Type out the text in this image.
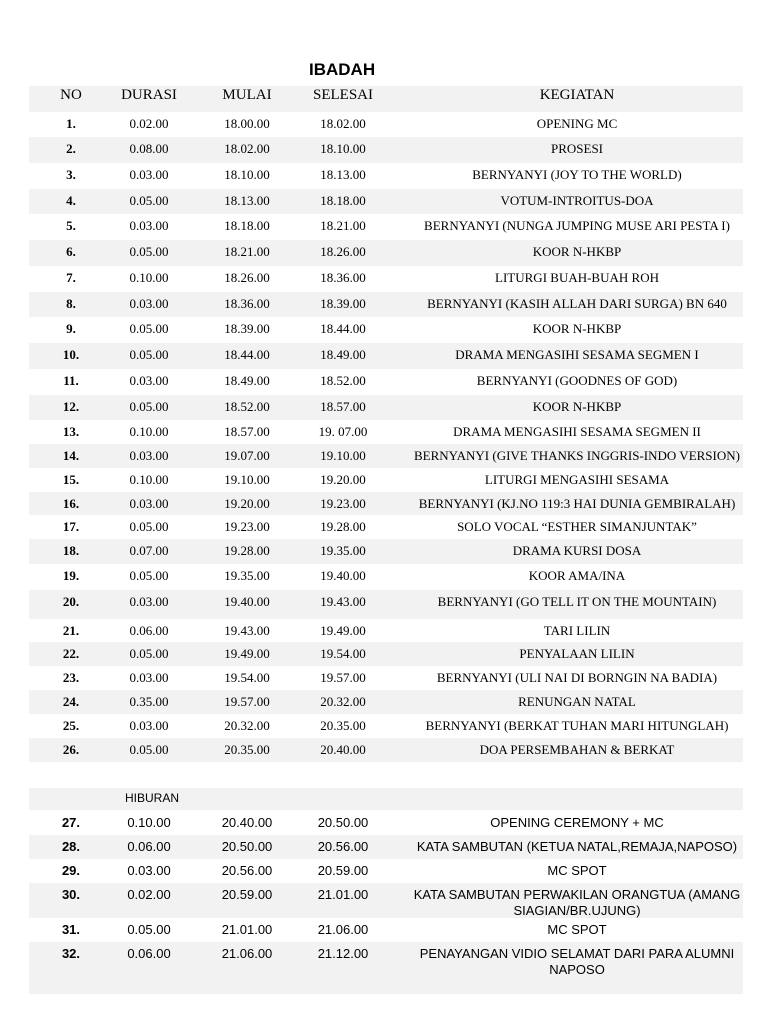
IBADAH
NO	DURASI	MULAI	SELESAI	KEGIATAN
1.	0.02.00	18.00.00	18.02.00	OPENING MC
2.	0.08.00	18.02.00	18.10.00	PROSESI
3.	0.03.00	18.10.00	18.13.00	BERNYANYI (JOY TO THE WORLD)
4.	0.05.00	18.13.00	18.18.00	VOTUM-INTROITUS-DOA
5.	0.03.00	18.18.00	18.21.00	BERNYANYI (NUNGA JUMPING MUSE ARI PESTA I)
6.	0.05.00	18.21.00	18.26.00	KOOR N-HKBP
7.	0.10.00	18.26.00	18.36.00	LITURGI BUAH-BUAH ROH
8.	0.03.00	18.36.00	18.39.00	BERNYANYI (KASIH ALLAH DARI SURGA) BN 640
9.	0.05.00	18.39.00	18.44.00	KOOR N-HKBP
10.	0.05.00	18.44.00	18.49.00	DRAMA MENGASIHI SESAMA SEGMEN I
11.	0.03.00	18.49.00	18.52.00	BERNYANYI (GOODNES OF GOD)
12.	0.05.00	18.52.00	18.57.00	KOOR N-HKBP
13.	0.10.00	18.57.00	19. 07.00	DRAMA MENGASIHI SESAMA SEGMEN II
14.	0.03.00	19.07.00	19.10.00	BERNYANYI (GIVE THANKS INGGRIS-INDO VERSION)
15.	0.10.00	19.10.00	19.20.00	LITURGI MENGASIHI SESAMA
16.	0.03.00	19.20.00	19.23.00	BERNYANYI (KJ.NO 119:3 HAI DUNIA GEMBIRALAH)
17.	0.05.00	19.23.00	19.28.00	SOLO VOCAL “ESTHER SIMANJUNTAK”
18.	0.07.00	19.28.00	19.35.00	DRAMA KURSI DOSA
19.	0.05.00	19.35.00	19.40.00	KOOR AMA/INA
20.	0.03.00	19.40.00	19.43.00	BERNYANYI (GO TELL IT ON THE MOUNTAIN)
21.	0.06.00	19.43.00	19.49.00	TARI LILIN
22.	0.05.00	19.49.00	19.54.00	PENYALAAN LILIN
23.	0.03.00	19.54.00	19.57.00	BERNYANYI (ULI NAI DI BORNGIN NA BADIA)
24.	0.35.00	19.57.00	20.32.00	RENUNGAN NATAL
25.	0.03.00	20.32.00	20.35.00	BERNYANYI (BERKAT TUHAN MARI HITUNGLAH)
26.	0.05.00	20.35.00	20.40.00	DOA PERSEMBAHAN & BERKAT
HIBURAN
27.	0.10.00	20.40.00	20.50.00	OPENING CEREMONY + MC
28.	0.06.00	20.50.00	20.56.00	KATA SAMBUTAN (KETUA NATAL,REMAJA,NAPOSO)
29.	0.03.00	20.56.00	20.59.00	MC SPOT
30.	0.02.00	20.59.00	21.01.00	KATA SAMBUTAN PERWAKILAN ORANGTUA (AMANG SIAGIAN/BR.UJUNG)
31.	0.05.00	21.01.00	21.06.00	MC SPOT
32.	0.06.00	21.06.00	21.12.00	PENAYANGAN VIDIO SELAMAT DARI PARA ALUMNI NAPOSO
